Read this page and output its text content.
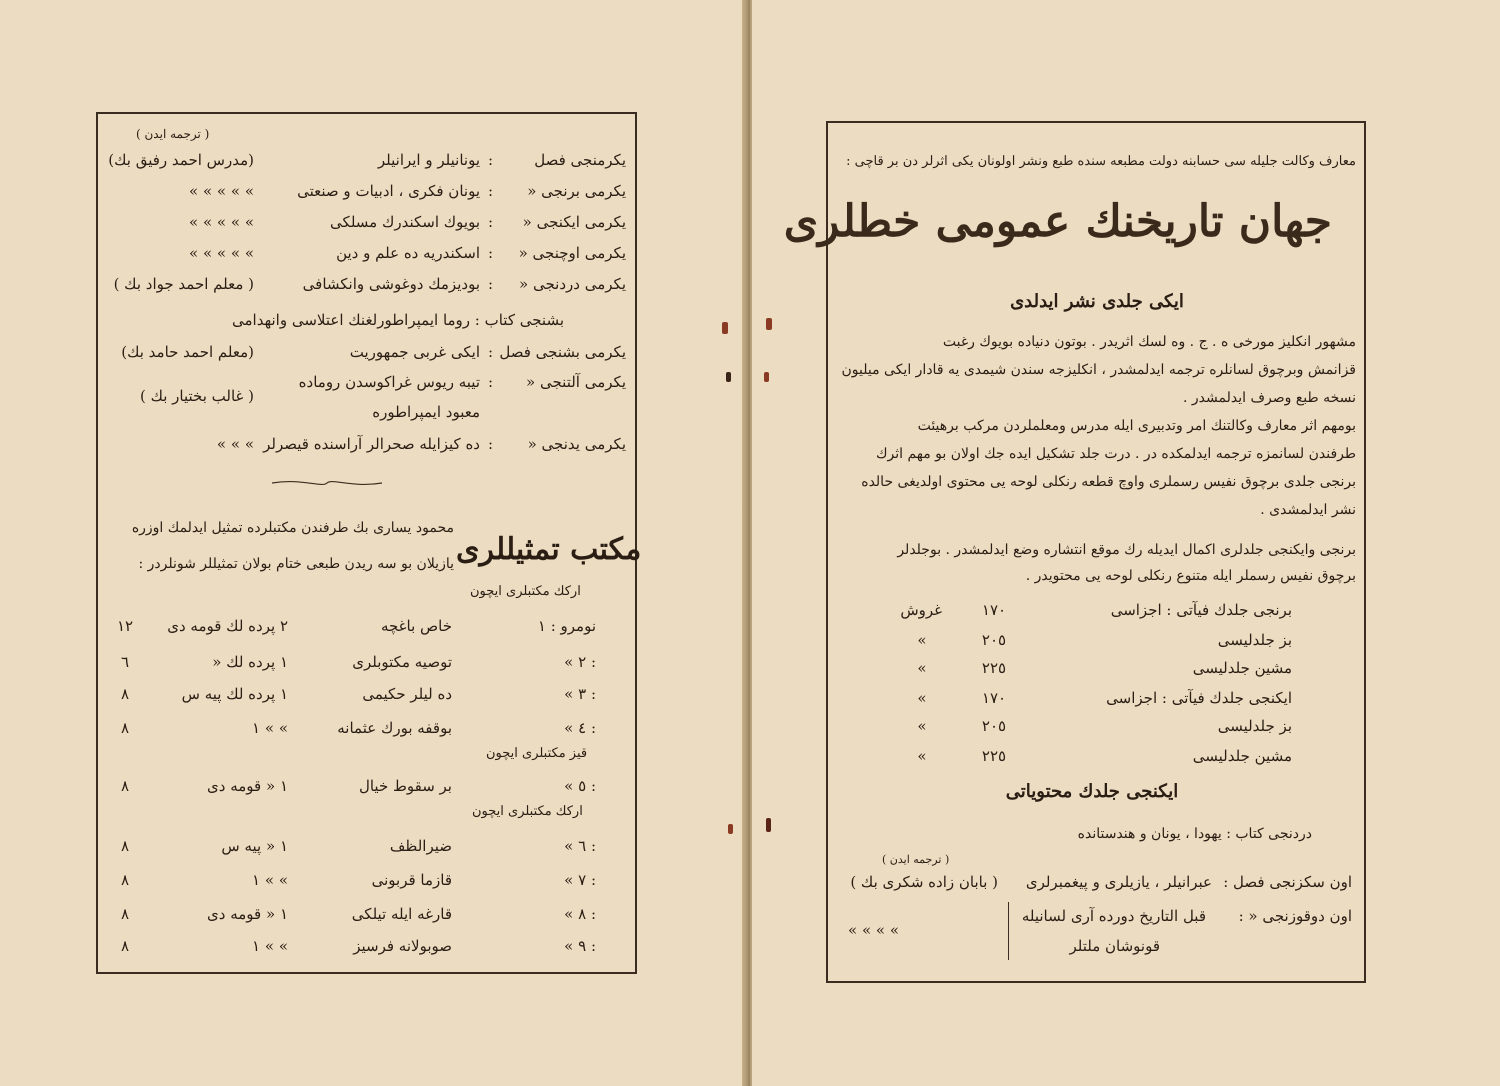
( ترجمه ایدن )
یکرمنجی فصل
:
یونانیلر و ایرانیلر
(مدرس احمد رفیق بك)
یکرمی برنجی «
:
یونان فکری ، ادبیات و صنعتی
« « « « «
یکرمی ایکنجی «
:
بویوك اسکندرك مسلکی
« « « « «
یکرمی اوچنجی «
:
اسکندریه ده علم و دین
« « « « «
یکرمی دردنجی «
:
بودیزمك دوغوشی وانکشافی
( معلم احمد جواد بك )
بشنجی کتاب : روما ایمپراطورلغنك اعتلاسی وانهدامی
یکرمی بشنجی فصل
:
ایکی غربی جمهوریت
(معلم احمد حامد بك)
یکرمی آلتنجی «
:
تیبه ریوس غراکوسدن روماده
( غالب بختیار بك )
معبود ایمپراطوره
یکرمی یدنجی «
:
ده کیزایله صحرالر آراسنده قیصرلر
« « «
مکتب تمثیللری
محمود یساری بك طرفندن مکتبلرده تمثیل ایدلمك اوزره
یازیلان بو سه ریدن طبعی ختام بولان تمثیللر شونلردر :
ارکك مکتبلری ایچون
قیز مکتبلری ایچون
ارکك مکتبلری ایچون
نومرو : ١
خاص باغچه
٢ پرده لك قومه دی
١٢
« ٢ :
توصیه مکتوبلری
١ پرده لك «
٦
« ٣ :
ده لیلر حکیمی
١ پرده لك پیه س
٨
« ٤ :
بوقفه بورك عثمانه
١ « «
٨
« ٥ :
بر سقوط خیال
١ « قومه دی
٨
« ٦ :
ضیرالظف
١ « پیه س
٨
« ٧ :
قازما قربونی
١ « «
٨
« ٨ :
قارغه ایله تیلکی
١ « قومه دی
٨
« ٩ :
صوبولانه فرسیز
١ « «
٨
معارف وکالت جلیله سی حسابنه دولت مطبعه سنده طبع ونشر اولونان یکی اثرلر دن بر قاچی :
جهان تاریخنك عمومی خطلری
ایکی جلدی نشر ایدلدی
مشهور انکلیز مورخی ه . ج . وه لسك اثریدر . بوتون دنیاده بویوك رغبت
قزانمش وبرچوق لسانلره ترجمه ایدلمشدر ، انکلیزجه سندن شیمدی یه قادار ایکی میلیون
نسخه طبع وصرف ایدلمشدر .
بومهم اثر معارف وکالتنك امر وتدبیری ایله مدرس ومعلملردن مرکب برهیئت
طرفندن لسانمزه ترجمه ایدلمکده در . درت جلد تشکیل ایده جك اولان بو مهم اثرك
برنجی جلدی برچوق نفیس رسملری واوچ قطعه رنکلی لوحه یی محتوی اولدیغی حالده
نشر ایدلمشدی .
برنجی وایکنجی جلدلری اکمال ایدیله رك موقع انتشاره وضع ایدلمشدر . بوجلدلر
برچوق نفیس رسملر ایله متنوع رنکلی لوحه یی محتویدر .
برنجی جلدك فیآتی : اجزاسی
١٧٠
غروش
بز جلدلیسی
٢٠٥
«
مشین جلدلیسی
٢٢٥
«
ایکنجی جلدك فیآتی : اجزاسی
١٧٠
«
بز جلدلیسی
٢٠٥
«
مشین جلدلیسی
٢٢٥
«
ایکنجی جلدك محتویاتی
دردنجی کتاب : یهودا ، یونان و هندستانده
( ترجمه ایدن )
اون سکزنجی فصل :
عبرانیلر ، یازیلری و پیغمبرلری
( بابان زاده شکری بك )
اون دوقوزنجی « :
قبل التاریخ دورده آری لسانیله
قونوشان ملتلر
« « « «
